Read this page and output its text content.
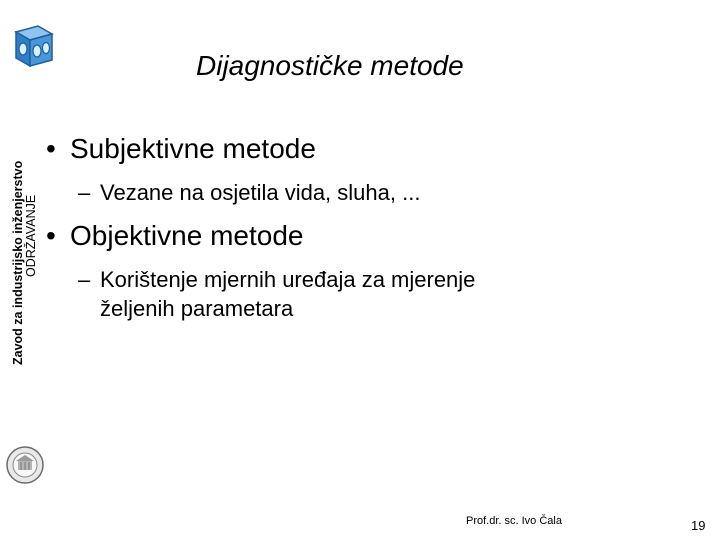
Zavod za industrijsko inženjerstvo ODRŽAVANJE
Dijagnostičke metode
• Subjektivne metode
– Vezane na osjetila vida, sluha, ...
• Objektivne metode
– Korištenje mjernih uređaja za mjerenje
željenih parametara
Prof.dr. sc. Ivo Čala	19
